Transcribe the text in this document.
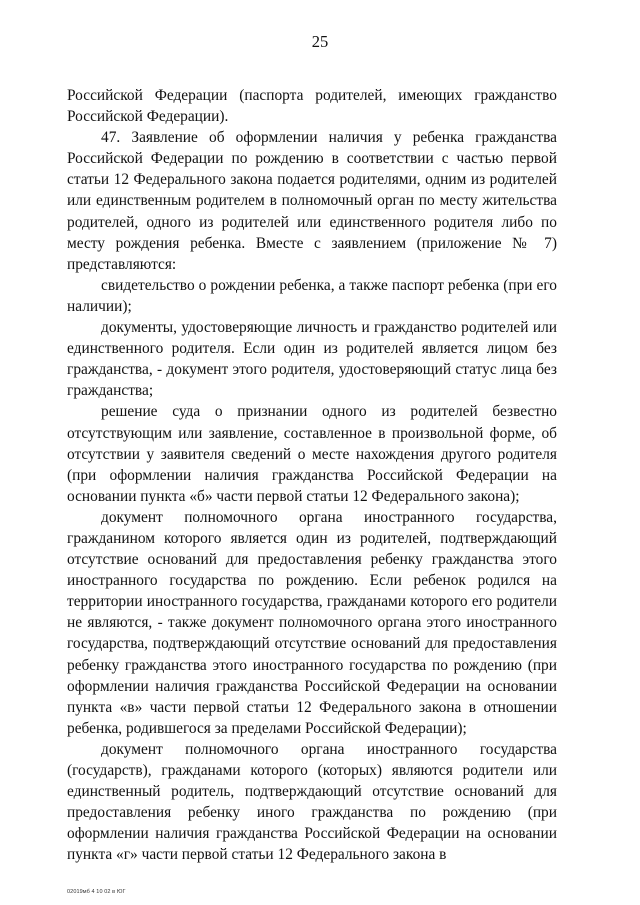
25

Российской Федерации (паспорта родителей, имеющих гражданство Российской Федерации).

47. Заявление об оформлении наличия у ребенка гражданства Российской Федерации по рождению в соответствии с частью первой статьи 12 Федерального закона подается родителями, одним из родителей или единственным родителем в полномочный орган по месту жительства родителей, одного из родителей или единственного родителя либо по месту рождения ребенка. Вместе с заявлением (приложение № 7) представляются:

свидетельство о рождении ребенка, а также паспорт ребенка (при его наличии);

документы, удостоверяющие личность и гражданство родителей или единственного родителя. Если один из родителей является лицом без гражданства, - документ этого родителя, удостоверяющий статус лица без гражданства;

решение суда о признании одного из родителей безвестно отсутствующим или заявление, составленное в произвольной форме, об отсутствии у заявителя сведений о месте нахождения другого родителя (при оформлении наличия гражданства Российской Федерации на основании пункта «б» части первой статьи 12 Федерального закона);

документ полномочного органа иностранного государства, гражданином которого является один из родителей, подтверждающий отсутствие оснований для предоставления ребенку гражданства этого иностранного государства по рождению. Если ребенок родился на территории иностранного государства, гражданами которого его родители не являются, - также документ полномочного органа этого иностранного государства, подтверждающий отсутствие оснований для предоставления ребенку гражданства этого иностранного государства по рождению (при оформлении наличия гражданства Российской Федерации на основании пункта «в» части первой статьи 12 Федерального закона в отношении ребенка, родившегося за пределами Российской Федерации);

документ полномочного органа иностранного государства (государств), гражданами которого (которых) являются родители или единственный родитель, подтверждающий отсутствие оснований для предоставления ребенку иного гражданства по рождению (при оформлении наличия гражданства Российской Федерации на основании пункта «г» части первой статьи 12 Федерального закона в

02019мб 4 10 02 в ЮГ
